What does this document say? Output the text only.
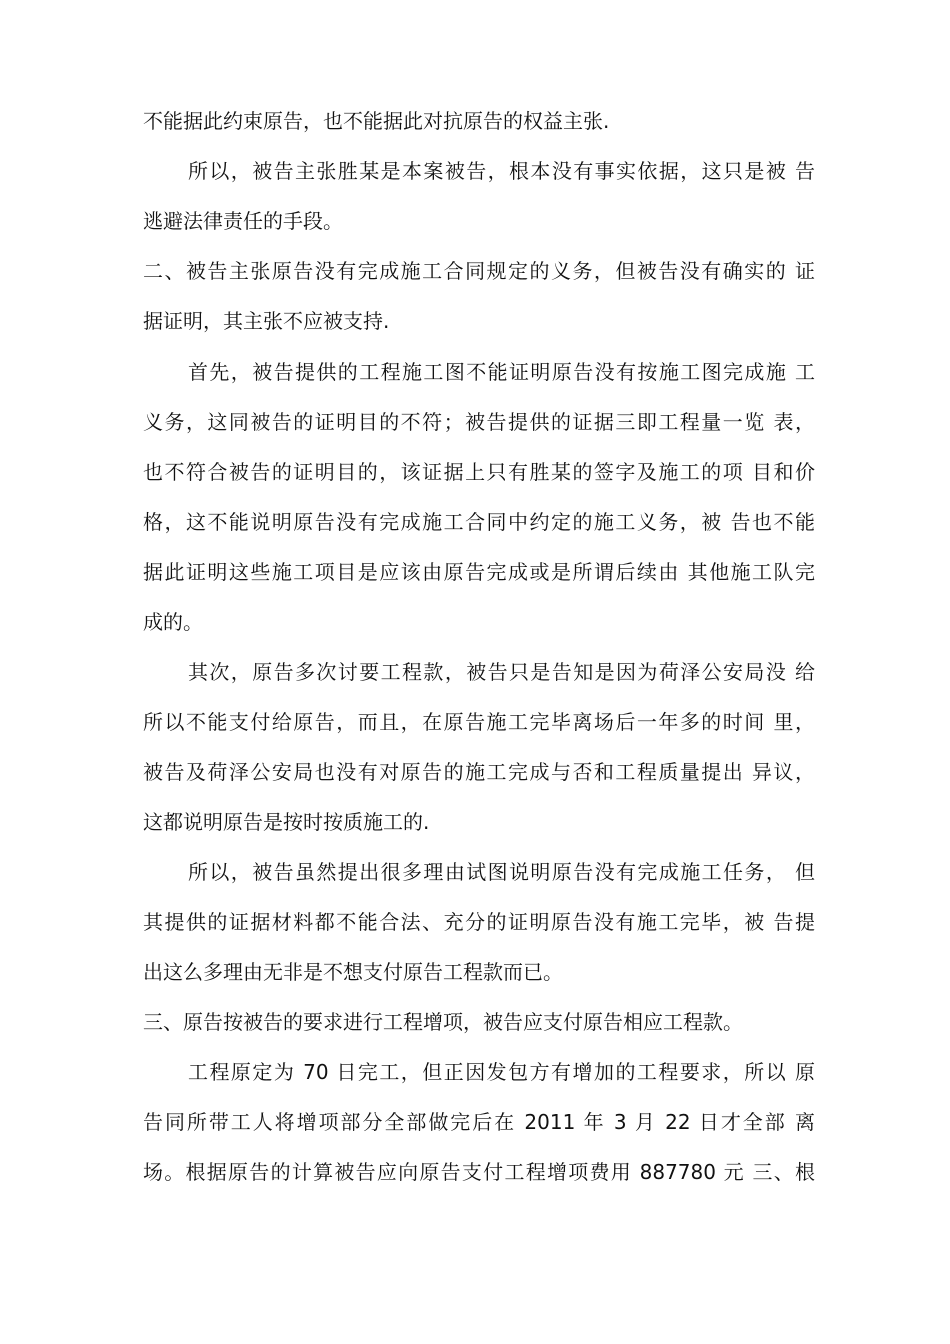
不能据此约束原告，也不能据此对抗原告的权益主张.
所以，被告主张胜某是本案被告，根本没有事实依据，这只是被 告
逃避法律责任的手段。
二、被告主张原告没有完成施工合同规定的义务，但被告没有确实的 证
据证明，其主张不应被支持.
首先，被告提供的工程施工图不能证明原告没有按施工图完成施 工
义务，这同被告的证明目的不符；被告提供的证据三即工程量一览 表，
也不符合被告的证明目的，该证据上只有胜某的签字及施工的项 目和价
格，这不能说明原告没有完成施工合同中约定的施工义务，被 告也不能
据此证明这些施工项目是应该由原告完成或是所谓后续由 其他施工队完
成的。
其次，原告多次讨要工程款，被告只是告知是因为荷泽公安局没 给
所以不能支付给原告，而且，在原告施工完毕离场后一年多的时间 里，
被告及荷泽公安局也没有对原告的施工完成与否和工程质量提出 异议，
这都说明原告是按时按质施工的.
所以，被告虽然提出很多理由试图说明原告没有完成施工任务， 但
其提供的证据材料都不能合法、充分的证明原告没有施工完毕，被 告提
出这么多理由无非是不想支付原告工程款而已。
三、原告按被告的要求进行工程增项，被告应支付原告相应工程款。
工程原定为 70 日完工，但正因发包方有增加的工程要求，所以 原
告同所带工人将增项部分全部做完后在 2011 年 3 月 22 日才全部 离
场。根据原告的计算被告应向原告支付工程增项费用 887780 元 三、根
